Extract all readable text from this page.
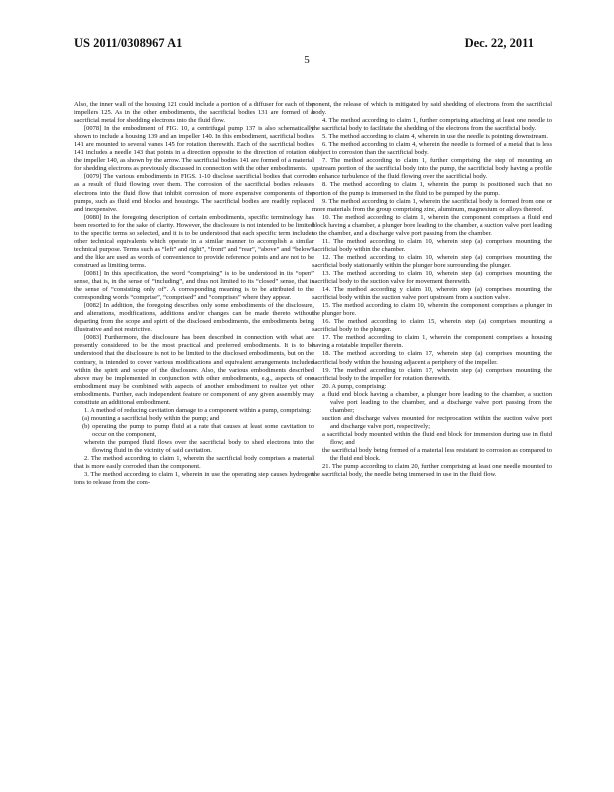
US 2011/0308967 A1	Dec. 22, 2011
5

Also, the inner wall of the housing 121 could include a portion of a diffuser for each of the impellers 125. As in the other embodiments, the sacrificial bodies 131 are formed of a sacrificial metal for shedding electrons into the fluid flow.

[0078] In the embodiment of FIG. 10, a centrifugal pump 137 is also schematically shown to include a housing 139 and an impeller 140. In this embodiment, sacrificial bodies 141 are mounted to several vanes 145 for rotation therewith. Each of the sacrificial bodies 141 includes a needle 143 that points in a direction opposite to the direction of rotation of the impeller 140, as shown by the arrow. The sacrificial bodies 141 are formed of a material for shedding electrons as previously discussed in connection with the other embodiments.

[0079] The various embodiments in FIGS. 1-10 disclose sacrificial bodies that corrode as a result of fluid flowing over them. The corrosion of the sacrificial bodies releases electrons into the fluid flow that inhibit corrosion of more expensive components of the pumps, such as fluid end blocks and housings. The sacrificial bodies are readily replaced and inexpensive.

[0080] In the foregoing description of certain embodiments, specific terminology has been resorted to for the sake of clarity. However, the disclosure is not intended to be limited to the specific terms so selected, and it is to be understood that each specific term includes other technical equivalents which operate in a similar manner to accomplish a similar technical purpose. Terms such as “left” and right”, “front” and “rear”, “above” and “below” and the like are used as words of convenience to provide reference points and are not to be construed as limiting terms.

[0081] In this specification, the word “comprising” is to be understood in its “open” sense, that is, in the sense of “including”, and thus not limited to its “closed” sense, that is the sense of “consisting only of”. A corresponding meaning is to be attributed to the corresponding words “comprise”, “comprised” and “comprises” where they appear.

[0082] In addition, the foregoing describes only some embodiments of the disclosure, and alterations, modifications, additions and/or changes can be made thereto without departing from the scope and spirit of the disclosed embodiments, the embodiments being illustrative and not restrictive.

[0083] Furthermore, the disclosure has been described in connection with what are presently considered to be the most practical and preferred embodiments. It is to be understood that the disclosure is not to be limited to the disclosed embodiments, but on the contrary, is intended to cover various modifications and equivalent arrangements included within the spirit and scope of the disclosure. Also, the various embodiments described above may be implemented in conjunction with other embodiments, e.g., aspects of one embodiment may be combined with aspects of another embodiment to realize yet other embodiments. Further, each independent feature or component of any given assembly may constitute an additional embodiment.

1. A method of reducing cavitation damage to a component within a pump, comprising:

(a) mounting a sacrificial body within the pump; and

(b) operating the pump to pump fluid at a rate that causes at least some cavitation to occur on the component,

wherein the pumped fluid flows over the sacrificial body to shed electrons into the flowing fluid in the vicinity of said cavitation.

2. The method according to claim 1, wherein the sacrificial body comprises a material that is more easily corroded than the component.

3. The method according to claim 1, wherein in use the operating step causes hydrogen ions to release from the com-

ponent, the release of which is mitigated by said shedding of electrons from the sacrificial body.

4. The method according to claim 1, further comprising attaching at least one needle to the sacrificial body to facilitate the shedding of the electrons from the sacrificial body.

5. The method according to claim 4, wherein in use the needle is pointing downstream.

6. The method according to claim 4, wherein the needle is formed of a metal that is less subject to corrosion than the sacrificial body.

7. The method according to claim 1, further comprising the step of mounting an upstream portion of the sacrificial body into the pump, the sacrificial body having a profile to enhance turbulence of the fluid flowing over the sacrificial body.

8. The method according to claim 1, wherein the pump is positioned such that no portion of the pump is immersed in the fluid to be pumped by the pump.

9. The method according to claim 1, wherein the sacrificial body is formed from one or more materials from the group comprising zinc, aluminum, magnesium or alloys thereof.

10. The method according to claim 1, wherein the component comprises a fluid end block having a chamber, a plunger bore leading to the chamber, a suction valve port leading to the chamber, and a discharge valve port passing from the chamber.

11. The method according to claim 10, wherein step (a) comprises mounting the sacrificial body within the chamber.

12. The method according to claim 10, wherein step (a) comprises mounting the sacrificial body stationarily within the plunger bore surrounding the plunger.

13. The method according to claim 10, wherein step (a) comprises mounting the sacrificial body to the suction valve for movement therewith.

14. The method according y claim 10, wherein step (a) comprises mounting the sacrificial body within the suction valve port upstream from a suction valve.

15. The method according to claim 10, wherein the component comprises a plunger in the plunger bore.

16. The method according to claim 15, wherein step (a) comprises mounting a sacrificial body to the plunger.

17. The method according to claim 1, wherein the component comprises a housing having a rotatable impeller therein.

18. The method according to claim 17, wherein step (a) comprises mounting the sacrificial body within the housing adjacent a periphery of the impeller.

19. The method according to claim 17, wherein step (a) comprises mounting the sacrificial body to the impeller for rotation therewith.

20. A pump, comprising:

a fluid end block having a chamber, a plunger bore leading to the chamber, a suction valve port leading to the chamber, and a discharge valve port passing from the chamber;

suction and discharge valves mounted for reciprocation within the suction valve port and discharge valve port, respectively;

a sacrificial body mounted within the fluid end block for immersion during use in fluid flow; and

the sacrificial body being formed of a material less resistant to corrosion as compared to the fluid end block.

21. The pump according to claim 20, further comprising at least one needle mounted to the sacrificial body, the needle being immersed in use in the fluid flow.
